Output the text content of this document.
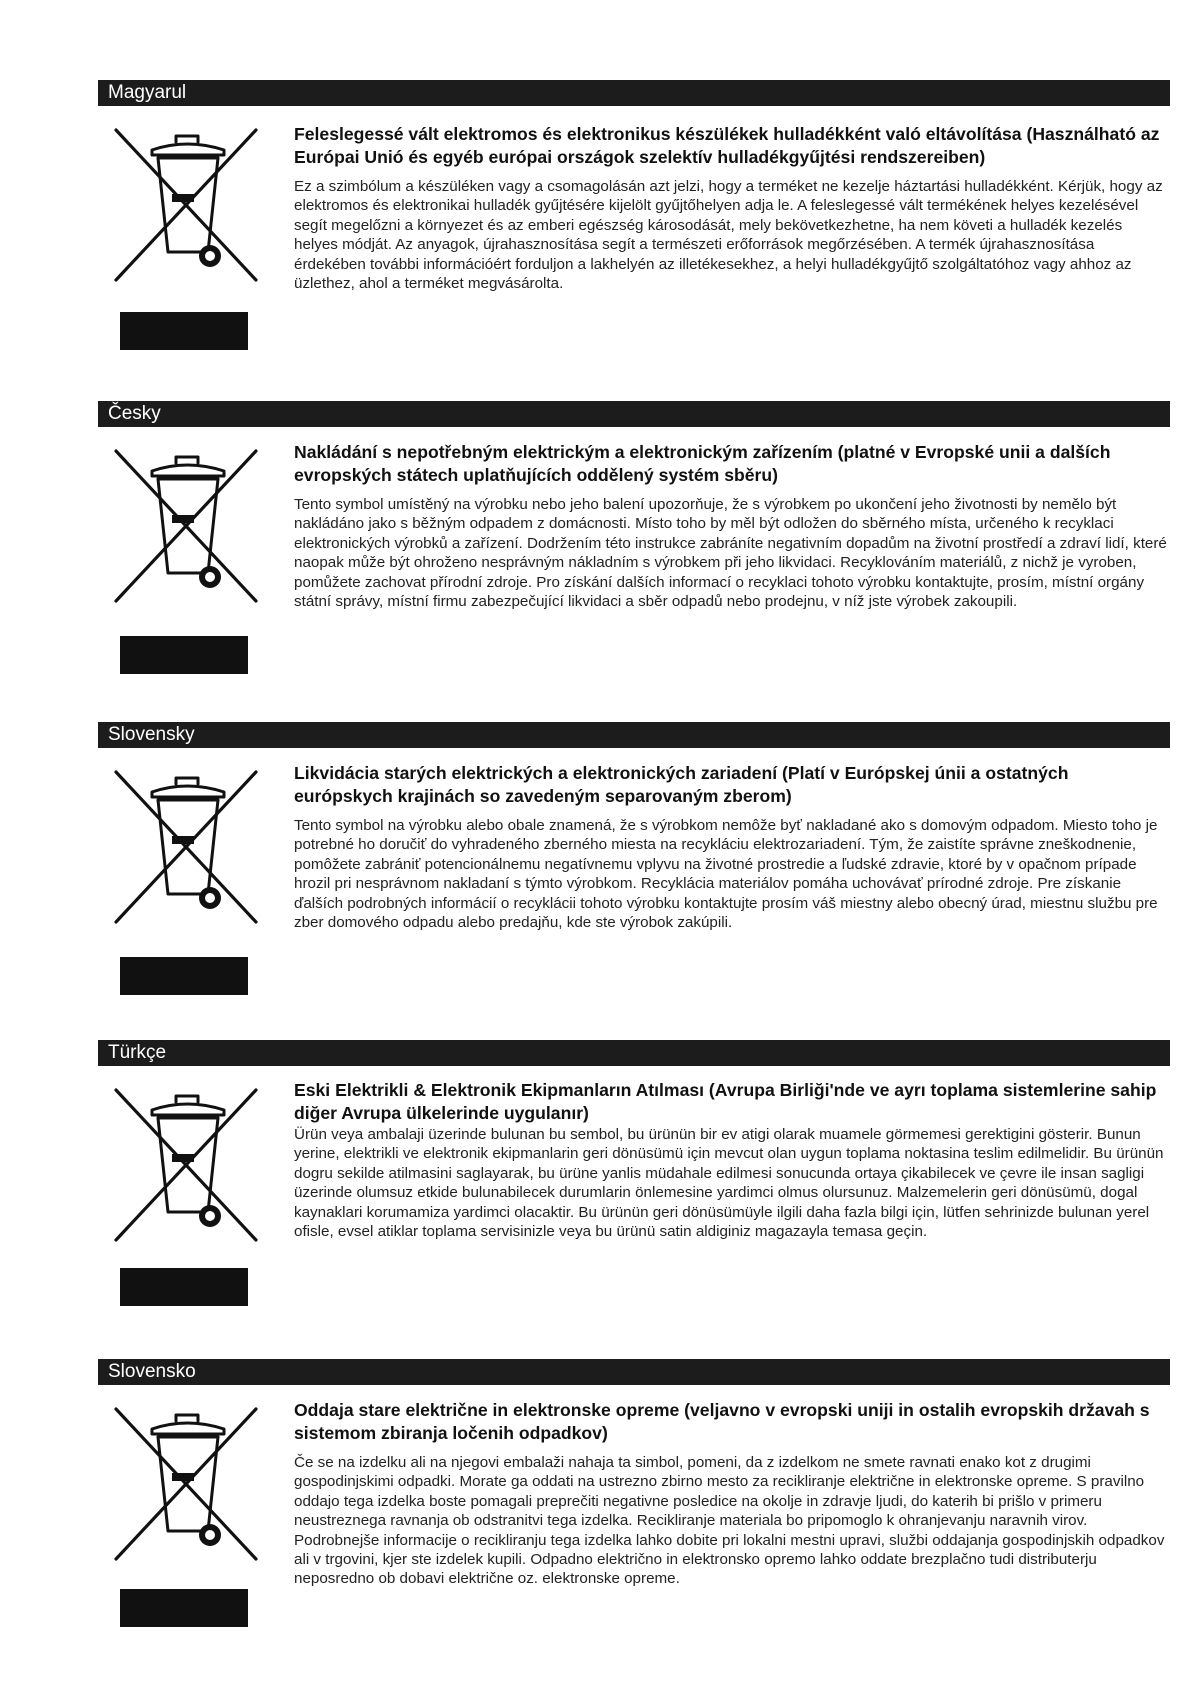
Magyarul

Feleslegessé vált elektromos és elektronikus készülékek hulladékként való eltávolítása (Használható az Európai Unió és egyéb európai országok szelektív hulladékgyűjtési rendszereiben)

Ez a szimbólum a készüléken vagy a csomagolásán azt jelzi, hogy a terméket ne kezelje háztartási hulladékként. Kérjük, hogy az elektromos és elektronikai hulladék gyűjtésére kijelölt gyűjtőhelyen adja le. A feleslegessé vált termékének helyes kezelésével segít megelőzni a környezet és az emberi egészség károsodását, mely bekövetkezhetne, ha nem követi a hulladék kezelés helyes módját. Az anyagok, újrahasznosítása segít a természeti erőforrások megőrzésében. A termék újrahasznosítása érdekében további információért forduljon a lakhelyén az illetékesekhez, a helyi hulladékgyűjtő szolgáltatóhoz vagy ahhoz az üzlethez, ahol a terméket megvásárolta.

Česky

Nakládání s nepotřebným elektrickým a elektronickým zařízením (platné v Evropské unii a dalších evropských státech uplatňujících oddělený systém sběru)

Tento symbol umístěný na výrobku nebo jeho balení upozorňuje, že s výrobkem po ukončení jeho životnosti by nemělo být nakládáno jako s běžným odpadem z domácnosti. Místo toho by měl být odložen do sběrného místa, určeného k recyklaci elektronických výrobků a zařízení. Dodržením této instrukce zabráníte negativním dopadům na životní prostředí a zdraví lidí, které naopak může být ohroženo nesprávným nákladním s výrobkem při jeho likvidaci. Recyklováním materiálů, z nichž je vyroben, pomůžete zachovat přírodní zdroje. Pro získání dalších informací o recyklaci tohoto výrobku kontaktujte, prosím, místní orgány státní správy, místní firmu zabezpečující likvidaci a sběr odpadů nebo prodejnu, v níž jste výrobek zakoupili.

Slovensky

Likvidácia starých elektrických a elektronických zariadení (Platí v Európskej únii a ostatných európskych krajinách so zavedeným separovaným zberom)

Tento symbol na výrobku alebo obale znamená, že s výrobkom nemôže byť nakladané ako s domovým odpadom. Miesto toho je potrebné ho doručiť do vyhradeného zberného miesta na recykláciu elektrozariadení. Tým, že zaistíte správne zneškodnenie, pomôžete zabrániť potencionálnemu negatívnemu vplyvu na životné prostredie a ľudské zdravie, ktoré by v opačnom prípade hrozil pri nesprávnom nakladaní s týmto výrobkom. Recyklácia materiálov pomáha uchovávať prírodné zdroje. Pre získanie ďalších podrobných informácií o recyklácii tohoto výrobku kontaktujte prosím váš miestny alebo obecný úrad, miestnu službu pre zber domového odpadu alebo predajňu, kde ste výrobok zakúpili.

Türkçe

Eski Elektrikli & Elektronik Ekipmanların Atılması (Avrupa Birliği'nde ve ayrı toplama sistemlerine sahip diğer Avrupa ülkelerinde uygulanır)

Ürün veya ambalaji üzerinde bulunan bu sembol, bu ürünün bir ev atigi olarak muamele görmemesi gerektigini gösterir. Bunun yerine, elektrikli ve elektronik ekipmanlarin geri dönüsümü için mevcut olan uygun toplama noktasina teslim edilmelidir. Bu ürünün dogru sekilde atilmasini saglayarak, bu ürüne yanlis müdahale edilmesi sonucunda ortaya çikabilecek ve çevre ile insan sagligi üzerinde olumsuz etkide bulunabilecek durumlarin önlemesine yardimci olmus olursunuz. Malzemelerin geri dönüsümü, dogal kaynaklari korumamiza yardimci olacaktir. Bu ürünün geri dönüsümüyle ilgili daha fazla bilgi için, lütfen sehrinizde bulunan yerel ofisle, evsel atiklar toplama servisinizle veya bu ürünü satin aldiginiz magazayla temasa geçin.

Slovensko

Oddaja stare električne in elektronske opreme (veljavno v evropski uniji in ostalih evropskih državah s sistemom zbiranja ločenih odpadkov)

Če se na izdelku ali na njegovi embalaži nahaja ta simbol, pomeni, da z izdelkom ne smete ravnati enako kot z drugimi gospodinjskimi odpadki. Morate ga oddati na ustrezno zbirno mesto za recikliranje električne in elektronske opreme. S pravilno oddajo tega izdelka boste pomagali preprečiti negativne posledice na okolje in zdravje ljudi, do katerih bi prišlo v primeru neustreznega ravnanja ob odstranitvi tega izdelka. Recikliranje materiala bo pripomoglo k ohranjevanju naravnih virov. Podrobnejše informacije o recikliranju tega izdelka lahko dobite pri lokalni mestni upravi, službi oddajanja gospodinjskih odpadkov ali v trgovini, kjer ste izdelek kupili. Odpadno električno in elektronsko opremo lahko oddate brezplačno tudi distributerju neposredno ob dobavi električne oz. elektronske opreme.
